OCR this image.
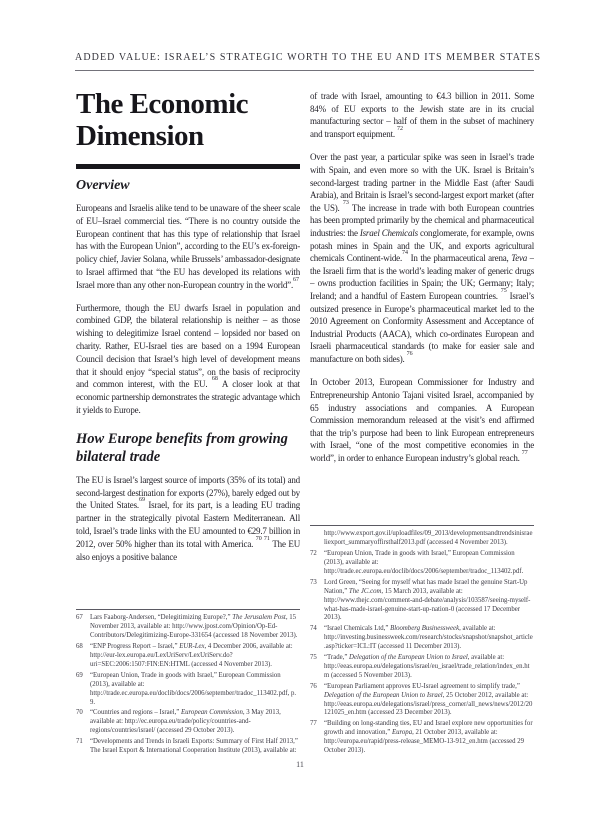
ADDED VALUE: ISRAEL’S STRATEGIC WORTH TO THE EU AND ITS MEMBER STATES
The Economic Dimension
Overview

Europeans and Israelis alike tend to be unaware of the sheer scale of EU–Israel commercial ties. “There is no country outside the European continent that has this type of relationship that Israel has with the European Union”, according to the EU’s ex-foreign-policy chief, Javier Solana, while Brussels’ ambassador-designate to Israel affirmed that “the EU has developed its relations with Israel more than any other non-European country in the world”.$^{67}$

Furthermore, though the EU dwarfs Israel in population and combined GDP, the bilateral relationship is neither – as those wishing to delegitimize Israel contend – lopsided nor based on charity. Rather, EU-Israel ties are based on a 1994 European Council decision that Israel’s high level of development means that it should enjoy “special status”, on the basis of reciprocity and common interest, with the EU. $^{68}$ A closer look at that economic partnership demonstrates the strategic advantage which it yields to Europe.

How Europe benefits from growing bilateral trade

The EU is Israel’s largest source of imports (35% of its total) and second-largest destination for exports (27%), barely edged out by the United States.$^{69}$ Israel, for its part, is a leading EU trading partner in the strategically pivotal Eastern Mediterranean. All told, Israel’s trade links with the EU amounted to €29.7 billion in 2012, over 50% higher than its total with America. $^{70 71}$ The EU also enjoys a positive balance

67 Lars Faaborg-Andersen, “Delegitimizing Europe?,” The Jerusalem Post, 15 November 2013, available at: http://www.jpost.com/Opinion/Op-Ed-Contributors/Delegitimizing-Europe-331654 (accessed 18 November 2013).
68 “ENP Progress Report – Israel,” EUR-Lex, 4 December 2006, available at: http://eur-lex.europa.eu/LexUriServ/LexUriServ.do?uri=SEC:2006:1507:FIN:EN:HTML (accessed 4 November 2013).
69 “European Union, Trade in goods with Israel,” European Commission (2013), available at: http://trade.ec.europa.eu/doclib/docs/2006/september/tradoc_113402.pdf, p. 9.
70 “Countries and regions – Israel,” European Commission, 3 May 2013, available at: http://ec.europa.eu/trade/policy/countries-and-regions/countries/israel/ (accessed 29 October 2013).
71 “Developments and Trends in Israeli Exports: Summary of First Half 2013,” The Israel Export & International Cooperation Institute (2013), available at:

of trade with Israel, amounting to €4.3 billion in 2011. Some 84% of EU exports to the Jewish state are in its crucial manufacturing sector – half of them in the subset of machinery and transport equipment. $^{72}$

Over the past year, a particular spike was seen in Israel’s trade with Spain, and even more so with the UK. Israel is Britain’s second-largest trading partner in the Middle East (after Saudi Arabia), and Britain is Israel’s second-largest export market (after the US). $^{73}$ The increase in trade with both European countries has been prompted primarily by the chemical and pharmaceutical industries: the Israel Chemicals conglomerate, for example, owns potash mines in Spain and the UK, and exports agricultural chemicals Continent-wide.$^{74}$ In the pharmaceutical arena, Teva – the Israeli firm that is the world’s leading maker of generic drugs – owns production facilities in Spain; the UK; Germany; Italy; Ireland; and a handful of Eastern European countries. $^{75}$ Israel’s outsized presence in Europe’s pharmaceutical market led to the 2010 Agreement on Conformity Assessment and Acceptance of Industrial Products (AACA), which co-ordinates European and Israeli pharmaceutical standards (to make for easier sale and manufacture on both sides). $^{76}$

In October 2013, European Commissioner for Industry and Entrepreneurship Antonio Tajani visited Israel, accompanied by 65 industry associations and companies. A European Commission memorandum released at the visit’s end affirmed that the trip’s purpose had been to link European entrepreneurs with Israel, “one of the most competitive economies in the world”, in order to enhance European industry’s global reach. $^{77}$

http://www.export.gov.il/uploadfiles/09_2013/developmentsandtrendsinisraeliexport_summaryoffirsthalf2013.pdf (accessed 4 November 2013).
72 “European Union, Trade in goods with Israel,” European Commission (2013), available at: http://trade.ec.europa.eu/doclib/docs/2006/september/tradoc_113402.pdf.
73 Lord Green, “Seeing for myself what has made Israel the genuine Start-Up Nation,” The JC.com, 15 March 2013, available at: http://www.thejc.com/comment-and-debate/analysis/103587/seeing-myself-what-has-made-israel-genuine-start-up-nation-0 (accessed 17 December 2013).
74 “Israel Chemicals Ltd,” Bloomberg Businessweek, available at: http://investing.businessweek.com/research/stocks/snapshot/snapshot_article.asp?ticker=ICL:IT (accessed 11 December 2013).
75 “Trade,” Delegation of the European Union to Israel, available at: http://eeas.europa.eu/delegations/israel/eu_israel/trade_relation/index_en.htm (accessed 5 November 2013).
76 “European Parliament approves EU-Israel agreement to simplify trade,” Delegation of the European Union to Israel, 25 October 2012, available at: http://eeas.europa.eu/delegations/israel/press_corner/all_news/news/2012/20121025_en.htm (accessed 23 December 2013).
77 “Building on long-standing ties, EU and Israel explore new opportunities for growth and innovation,” Europa, 21 October 2013, available at: http://europa.eu/rapid/press-release_MEMO-13-912_en.htm (accessed 29 October 2013).
11
